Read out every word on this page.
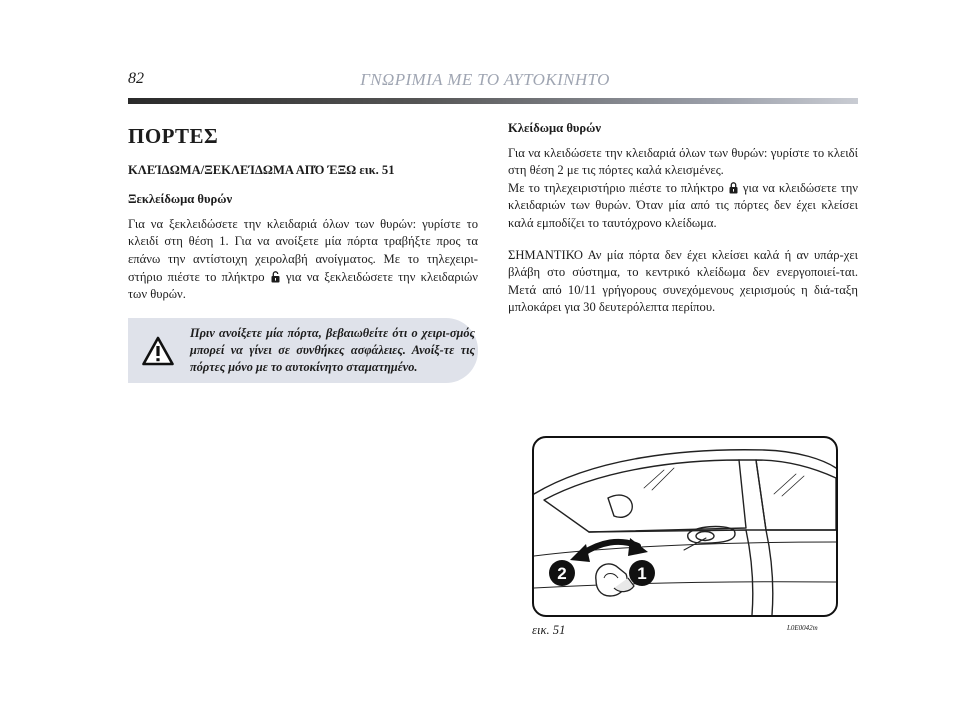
82	ΓΝΩΡΙΜΙΑ ΜΕ ΤΟ ΑΥΤΟΚΙΝΗΤΟ
ΠΟΡΤΕΣ
ΚΛΕΊΔΩΜΑ/ΞΕΚΛΕΊΔΩΜΑ ΑΠΌ ΈΞΩ εικ. 51
Ξεκλείδωμα θυρών

Για να ξεκλειδώσετε την κλειδαριά όλων των θυρών: γυρίστε το κλειδί στη θέση 1. Για να ανοίξετε μία πόρτα τραβήξτε προς τα επάνω την αντίστοιχη χειρολαβή ανοίγματος. Με το τηλεχειρι-στήριο πιέστε το πλήκτρο για να ξεκλειδώσετε την κλειδαριών των θυρών.

Πριν ανοίξετε μία πόρτα, βεβαιωθείτε ότι ο χειρι-σμός μπορεί να γίνει σε συνθήκες ασφάλειες. Ανοίξ-τε τις πόρτες μόνο με το αυτοκίνητο σταματημένο.
Κλείδωμα θυρών

Για να κλειδώσετε την κλειδαριά όλων των θυρών: γυρίστε το κλειδί στη θέση 2 με τις πόρτες καλά κλεισμένες.

Με το τηλεχειριστήριο πιέστε το πλήκτρο για να κλειδώσετε την κλειδαριών των θυρών. Όταν μία από τις πόρτες δεν έχει κλείσει καλά εμποδίζει το ταυτόχρονο κλείδωμα.

ΣΗΜΑΝΤΙΚΟ Αν μία πόρτα δεν έχει κλείσει καλά ή αν υπάρ-χει βλάβη στο σύστημα, το κεντρικό κλείδωμα δεν ενεργοποιεί-ται. Μετά από 10/11 γρήγορους συνεχόμενους χειρισμούς η διά-ταξη μπλοκάρει για 30 δευτερόλεπτα περίπου.

2	1
εικ. 51	L0E0042m
